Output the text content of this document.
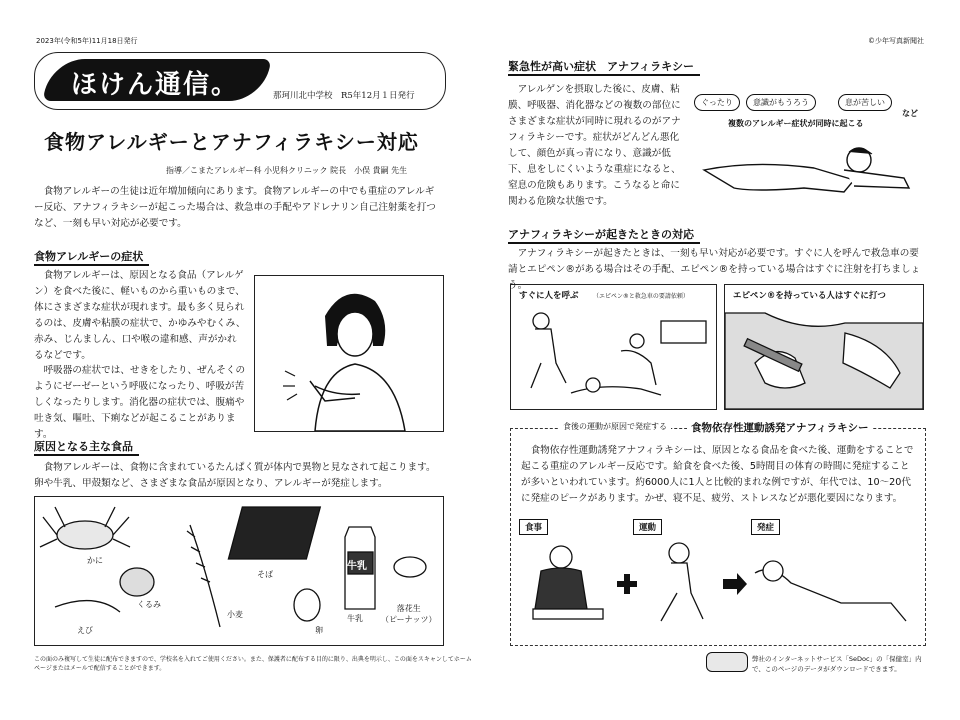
2023年(令和5年)11月18日発行	©少年写真新聞社
ほけん通信。	那珂川北中学校　R5年12月１日発行
食物アレルギーとアナフィラキシー対応
指導／こまたアレルギー科 小児科クリニック 院長　小俣 貴嗣 先生
食物アレルギーの生徒は近年増加傾向にあります。食物アレルギーの中でも重症のアレルギー反応、アナフィラキシーが起こった場合は、救急車の手配やアドレナリン自己注射薬を打つなど、一刻も早い対応が必要です。
食物アレルギーの症状
食物アレルギーは、原因となる食品（アレルゲン）を食べた後に、軽いものから重いものまで、体にさまざまな症状が現れます。最も多く見られるのは、皮膚や粘膜の症状で、かゆみやむくみ、赤み、じんましん、口や喉の違和感、声がかれるなどです。
呼吸器の症状では、せきをしたり、ぜんそくのようにゼーゼーという呼吸になったり、呼吸が苦しくなったりします。消化器の症状では、腹痛や吐き気、嘔吐、下痢などが起こることがあります。
原因となる主な食品
食物アレルギーは、食物に含まれているたんぱく質が体内で異物と見なされて起こります。卵や牛乳、甲殻類など、さまざまな食品が原因となり、アレルギーが発症します。
牛乳
かに
えび
くるみ
小麦
そば
卵
牛乳
落花生
（ピーナッツ）
緊急性が高い症状　アナフィラキシー
アレルゲンを摂取した後に、皮膚、粘膜、呼吸器、消化器などの複数の部位にさまざまな症状が同時に現れるのがアナフィラキシーです。症状がどんどん悪化して、顔色が真っ青になり、意識が低下、息をしにくいような重症になると、窒息の危険もあります。こうなると命に関わる危険な状態です。
ぐったり	意識がもうろう	息が苦しい
など
複数のアレルギー症状が同時に起こる
アナフィラキシーが起きたときの対応
アナフィラキシーが起きたときは、一刻も早い対応が必要です。すぐに人を呼んで救急車の要請とエピペン®がある場合はその手配、エピペン®を持っている場合はすぐに注射を打ちましょう。
すぐに人を呼ぶ （エピペン®と救急車の要請依頼）	エピペン®を持っている人はすぐに打つ
食後の運動が原因で発症する	食物依存性運動誘発アナフィラキシー
食物依存性運動誘発アナフィラキシーは、原因となる食品を食べた後、運動をすることで起こる重症のアレルギー反応です。給食を食べた後、5時間目の体育の時間に発症することが多いといわれています。約6000人に1人と比較的まれな例ですが、年代では、10～20代に発症のピークがあります。かぜ、寝不足、疲労、ストレスなどが悪化要因になります。
食事	運動	発症
この面のみ複写して生徒に配布できますので、学校名を入れてご使用ください。また、保護者に配布する目的に限り、出典を明示し、この面をスキャンしてホームページまたはメールで配信することができます。
弊社のインターネットサービス「SeDoc」の「保健室」内で、このページのデータがダウンロードできます。
